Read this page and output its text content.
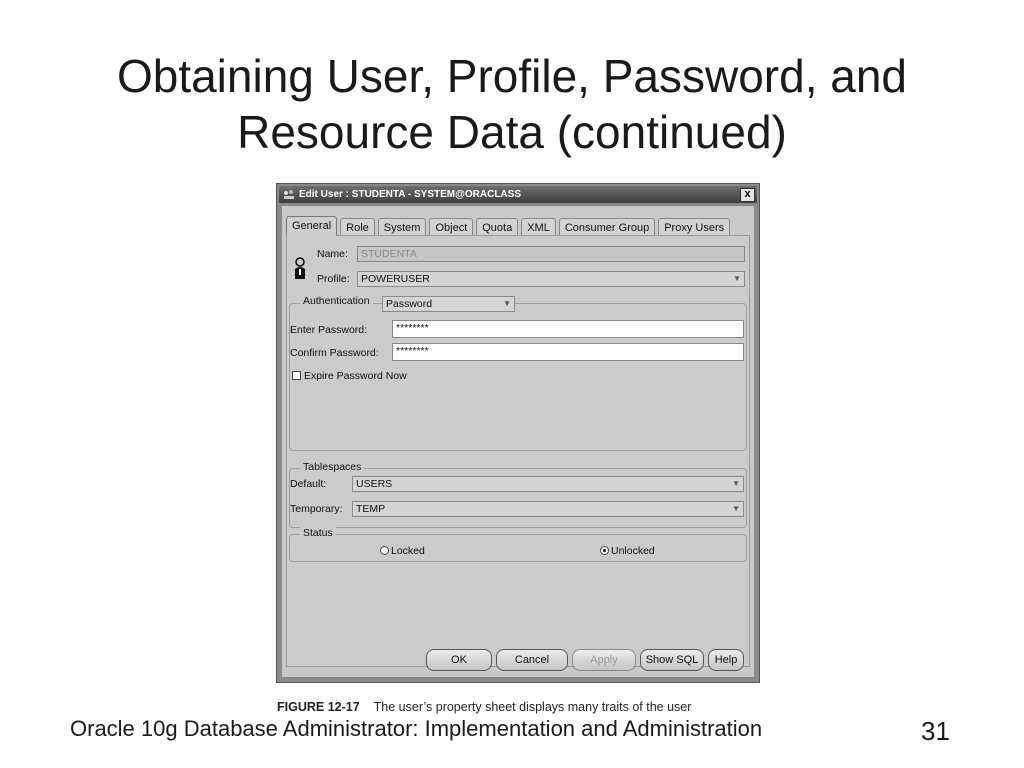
Obtaining User, Profile, Password, and
Resource Data (continued)
Edit User : STUDENTA - SYSTEM@ORACLASS	x
General	Role	System	Object	Quota	XML	Consumer Group	Proxy Users
Name:	STUDENTA
Profile:	POWERUSER	▼
Authentication	Password	▼
Enter Password:	********
Confirm Password:	********
Expire Password Now
Tablespaces
Default:	USERS	▼
Temporary:	TEMP	▼
Status
Locked	Unlocked
OK	Cancel	Apply	Show SQL	Help
FIGURE 12-17 The user’s property sheet displays many traits of the user
Oracle 10g Database Administrator: Implementation and Administration	31
